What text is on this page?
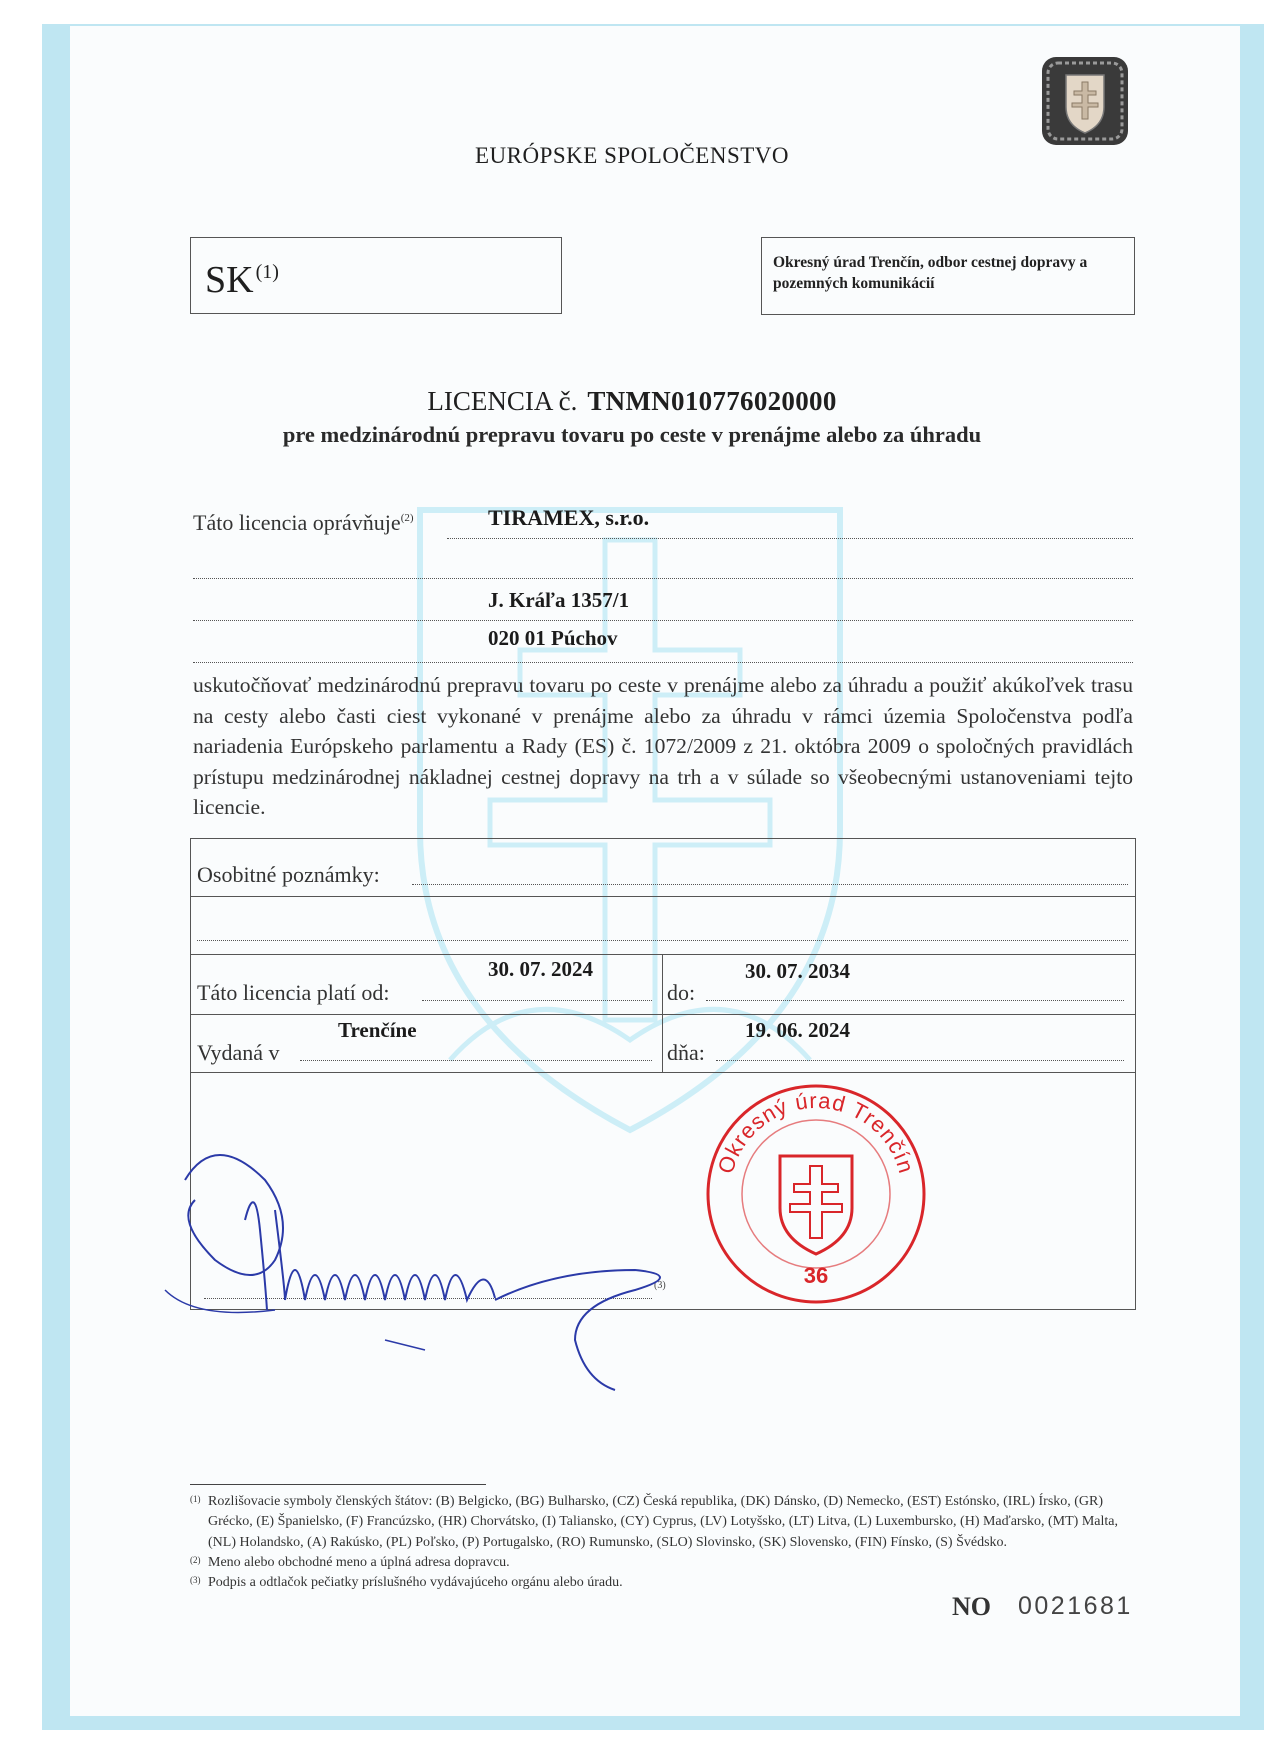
EURÓPSKE SPOLOČENSTVO
SK $^{(1)}$	Okresný úrad Trenčín, odbor cestnej dopravy a pozemných komunikácií
LICENCIA č. TNMN010776020000
pre medzinárodnú prepravu tovaru po ceste v prenájme alebo za úhradu
Táto licencia oprávňuje$^{(2)}$	TIRAMEX, s.r.o.
J. Kráľa 1357/1
020 01 Púchov
uskutočňovať medzinárodnú prepravu tovaru po ceste v prenájme alebo za úhradu a použiť akúkoľvek trasu na cesty alebo časti ciest vykonané v prenájme alebo za úhradu v rámci územia Spoločenstva podľa nariadenia Európskeho parlamentu a Rady (ES) č. 1072/2009 z 21. októbra 2009 o spoločných pravidlách prístupu medzinárodnej nákladnej cestnej dopravy na trh a v súlade so všeobecnými ustanoveniami tejto licencie.
Osobitné poznámky:
30. 07. 2024
Táto licencia platí od:
30. 07. 2034
do:
Trenčíne
Vydaná v
19. 06. 2024
dňa:
(3)
Okresný úrad Trenčín
36
(1) Rozlišovacie symboly členských štátov: (B) Belgicko, (BG) Bulharsko, (CZ) Česká republika, (DK) Dánsko, (D) Nemecko, (EST) Estónsko, (IRL) Írsko, (GR) Grécko, (E) Španielsko, (F) Francúzsko, (HR) Chorvátsko, (I) Taliansko, (CY) Cyprus, (LV) Lotyšsko, (LT) Litva, (L) Luxembursko, (H) Maďarsko, (MT) Malta, (NL) Holandsko, (A) Rakúsko, (PL) Poľsko, (P) Portugalsko, (RO) Rumunsko, (SLO) Slovinsko, (SK) Slovensko, (FIN) Fínsko, (S) Švédsko.
(2) Meno alebo obchodné meno a úplná adresa dopravcu.
(3) Podpis a odtlačok pečiatky príslušného vydávajúceho orgánu alebo úradu.
NO 0021681
